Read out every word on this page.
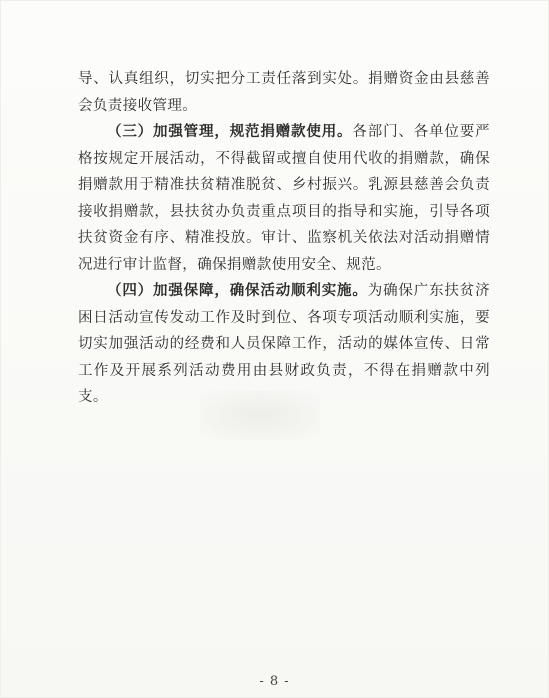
导、认真组织，切实把分工责任落到实处。捐赠资金由县慈善会负责接收管理。

（三）加强管理，规范捐赠款使用。各部门、各单位要严格按规定开展活动，不得截留或擅自使用代收的捐赠款，确保捐赠款用于精准扶贫精准脱贫、乡村振兴。乳源县慈善会负责接收捐赠款，县扶贫办负责重点项目的指导和实施，引导各项扶贫资金有序、精准投放。审计、监察机关依法对活动捐赠情况进行审计监督，确保捐赠款使用安全、规范。

（四）加强保障，确保活动顺利实施。为确保广东扶贫济困日活动宣传发动工作及时到位、各项专项活动顺利实施，要切实加强活动的经费和人员保障工作，活动的媒体宣传、日常工作及开展系列活动费用由县财政负责，不得在捐赠款中列支。

- 8 -
